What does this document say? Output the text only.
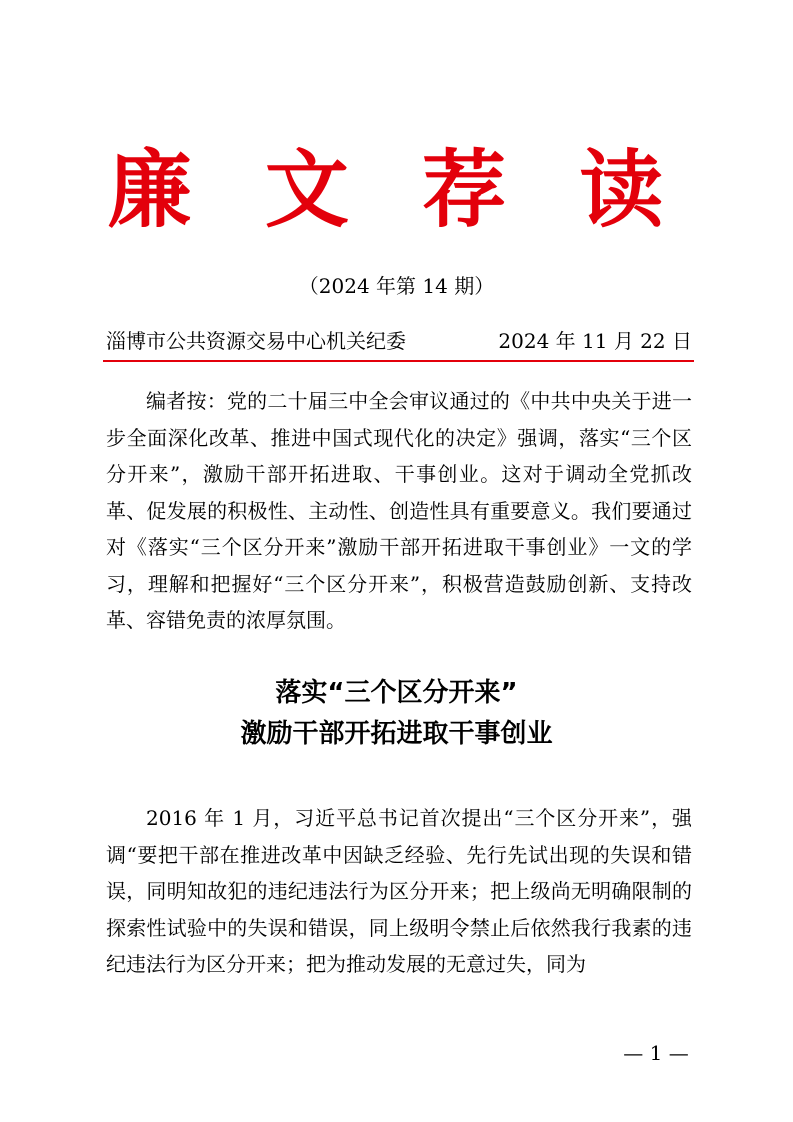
廉 文 荐 读
（2024 年第 14 期）
淄博市公共资源交易中心机关纪委	2024 年 11 月 22 日

编者按：党的二十届三中全会审议通过的《中共中央关于进一步全面深化改革、推进中国式现代化的决定》强调，落实“三个区分开来”，激励干部开拓进取、干事创业。这对于调动全党抓改革、促发展的积极性、主动性、创造性具有重要意义。我们要通过对《落实“三个区分开来”激励干部开拓进取干事创业》一文的学习，理解和把握好“三个区分开来”，积极营造鼓励创新、支持改革、容错免责的浓厚氛围。

落实“三个区分开来”
激励干部开拓进取干事创业

2016 年 1 月，习近平总书记首次提出“三个区分开来”，强调“要把干部在推进改革中因缺乏经验、先行先试出现的失误和错误，同明知故犯的违纪违法行为区分开来；把上级尚无明确限制的探索性试验中的失误和错误，同上级明令禁止后依然我行我素的违纪违法行为区分开来；把为推动发展的无意过失，同为

— 1 —
